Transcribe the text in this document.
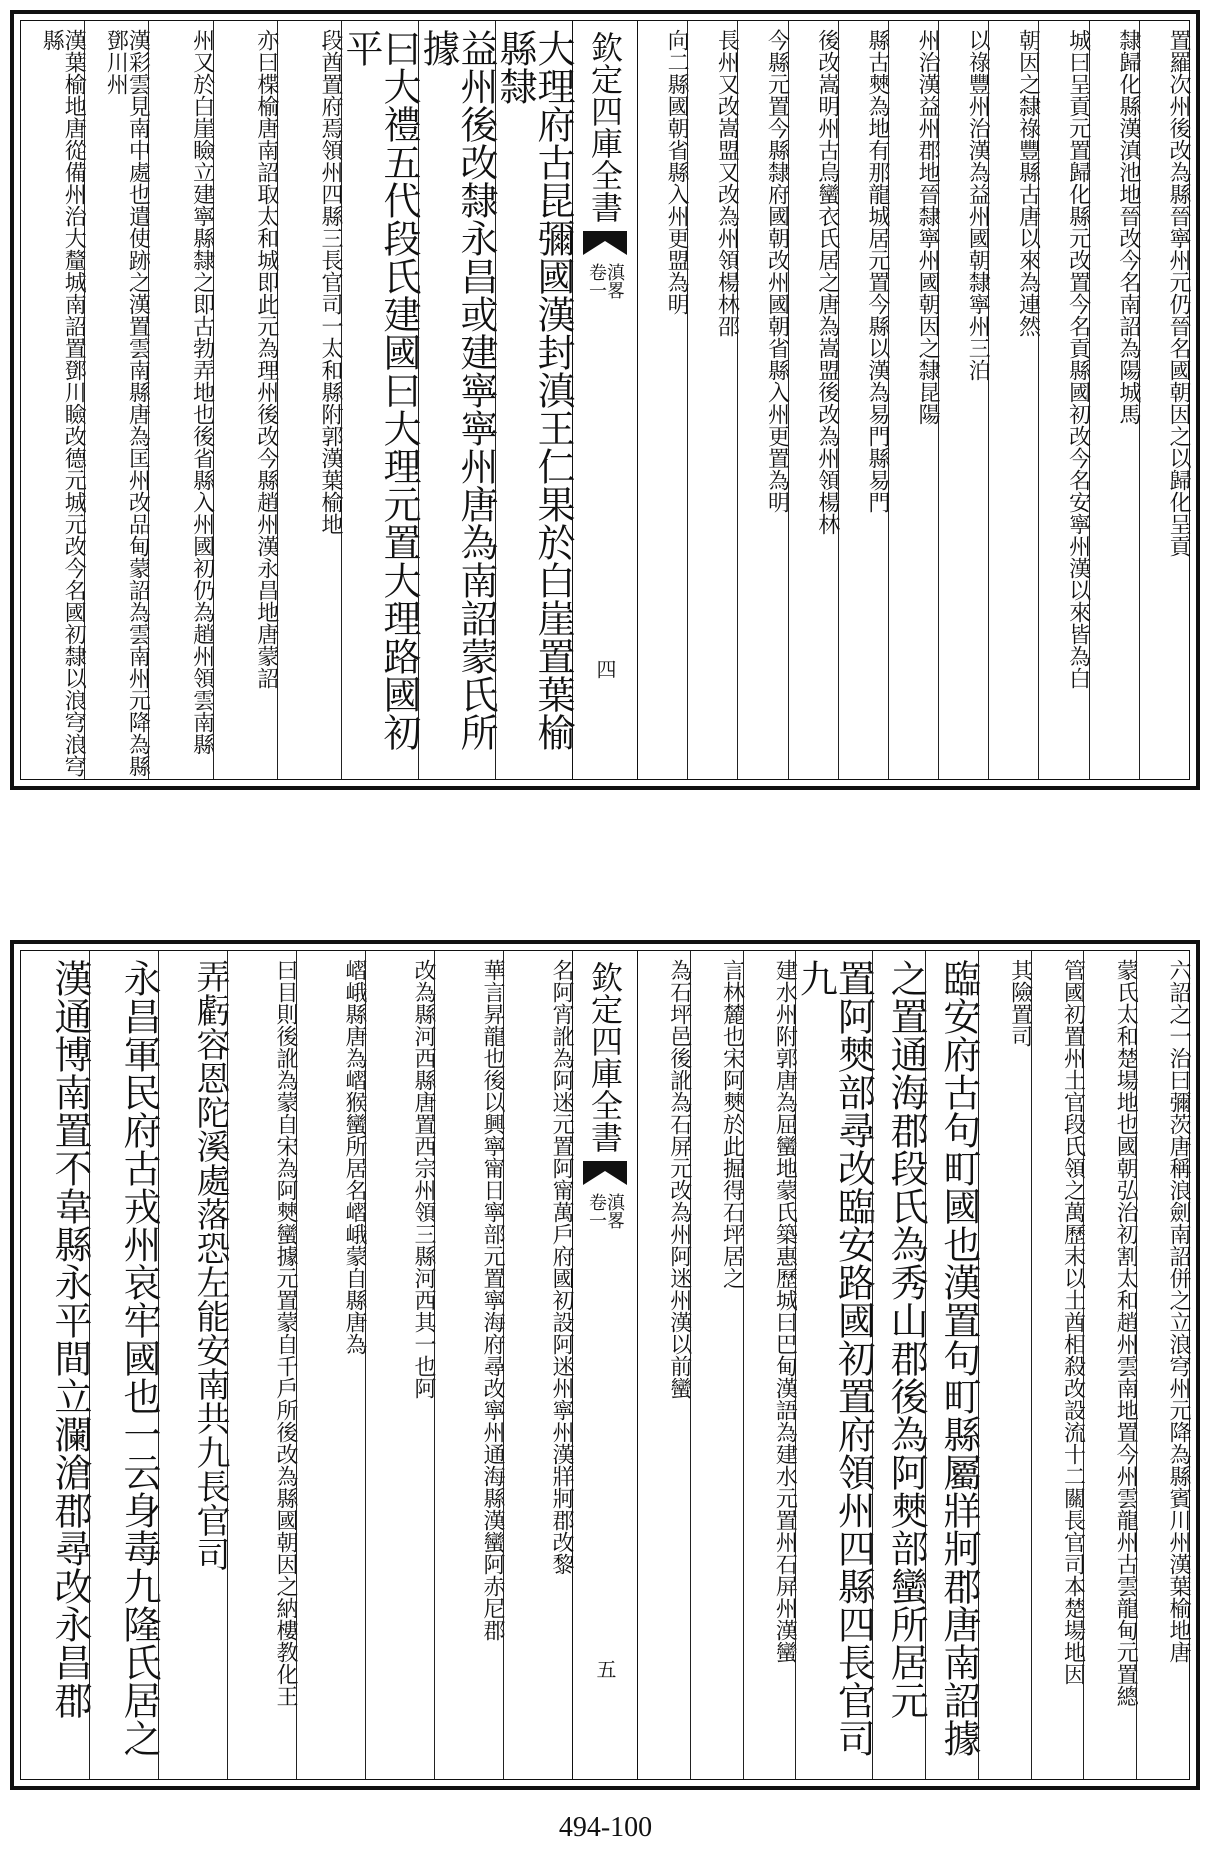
置羅次州後改為縣晉寧州元仍晉名國朝因之以歸化呈貢
隸歸化縣漢滇池地晉改今名南詔為陽城馬
城曰呈貢元置歸化縣元改置今名貢縣國初改今名安寧州漢以來皆為白
朝因之隸祿豐縣古唐以來為連然
以祿豐州治漢為益州國朝隸寧州三泊
州治漢益州郡地晉隸寧州國朝因之隸昆陽
縣古僰為地有那龍城居元置今縣以漢為易門縣易門
後改嵩明州古烏蠻衣氏居之唐為嵩盟後改為州領楊林
今縣元置今縣隸府國朝改州國朝省縣入州更置為明
長州又改嵩盟又改為州領楊林邵
向二縣國朝省縣入州更盟為明
欽定四庫全書
滇畧
卷一
四
大理府古昆彌國漢封滇王仁果於白崖置葉榆縣隸
益州後改隸永昌或建寧寧州唐為南詔蒙氏所據
曰大禮五代段氏建國曰大理元置大理路國初平
段酋置府焉領州四縣三長官司一太和縣附郭漢葉榆地
亦曰楪榆唐南詔取太和城即此元為理州後改今縣趙州漢永昌地唐蒙詔
州又於白崖瞼立建寧縣隸之即古勃弄地也後省縣入州國初仍為趙州領雲南縣
漢彩雲見南中處也遣使跡之漢置雲南縣唐為匡州改品甸蒙詔為雲南州元降為縣鄧川州
漢葉榆地唐從備州治大釐城南詔置鄧川瞼改德元城元改今名國初隸以浪穹浪穹縣
六詔之一治曰彌茨唐稱浪劍南詔併之立浪穹州元降為縣賓川州漢葉榆地唐
蒙氏太和楚場地也國朝弘治初割太和趙州雲南地置今州雲龍州古雲龍甸元置總
管國初置州土官段氏領之萬歷末以土酋相殺改設流十二關長官司本楚場地因
其險置司
臨安府古句町國也漢置句町縣屬牂牁郡唐南詔據
之置通海郡段氏為秀山郡後為阿僰部蠻所居元
置阿僰部尋改臨安路國初置府領州四縣四長官司九
建水州附郭唐為屈蠻地蒙氏築惠歷城曰巴甸漢語為建水元置州石屏州漢蠻
言林麓也宋阿僰於此掘得石坪居之
為石坪邑後訛為石屏元改為州阿迷州漢以前蠻
欽定四庫全書
滇畧
卷一
五
名阿宵訛為阿迷元置阿甯萬戶府國初設阿迷州寧州漢牂牁郡改黎
華言昇龍也後以興寧甯日寧部元置寧海府尋改寧州通海縣漢蠻阿赤尼郡
改為縣河西縣唐置西宗州領三縣河西其一也阿
嶍峨縣唐為嶍猴蠻所居名嶍峨蒙自縣唐為
曰目則後訛為蒙自宋為阿僰蠻據元置蒙自千戶所後改為縣國朝因之納樓教化王
弄虧容恩陀溪處落恐左能安南共九長官司
永昌軍民府古戎州哀牢國也一云身毒九隆氏居之
漢通博南置不韋縣永平間立瀾滄郡尋改永昌郡
494-100
